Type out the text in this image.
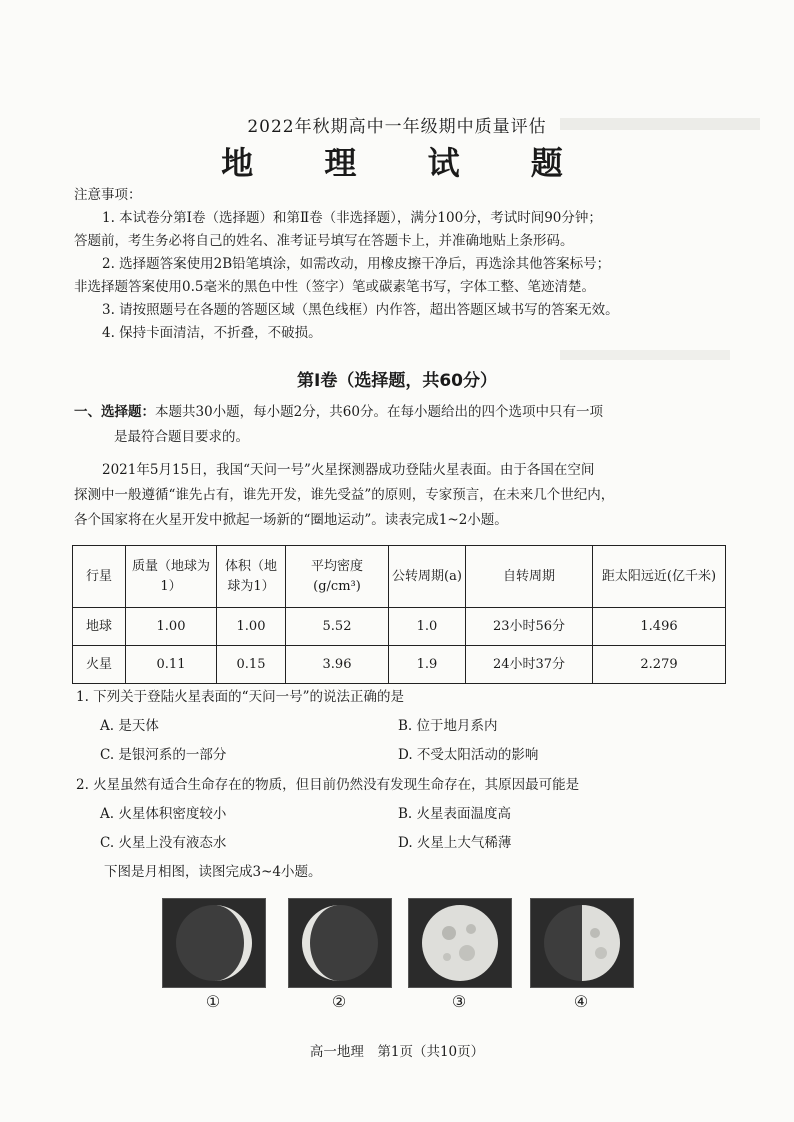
2022年秋期高中一年级期中质量评估
地 理 试 题

注意事项：

1. 本试卷分第Ⅰ卷（选择题）和第Ⅱ卷（非选择题），满分100分，考试时间90分钟；

答题前，考生务必将自己的姓名、准考证号填写在答题卡上，并准确地贴上条形码。

2. 选择题答案使用2B铅笔填涂，如需改动，用橡皮擦干净后，再选涂其他答案标号；

非选择题答案使用0.5毫米的黑色中性（签字）笔或碳素笔书写，字体工整、笔迹清楚。

3. 请按照题号在各题的答题区域（黑色线框）内作答，超出答题区域书写的答案无效。

4. 保持卡面清洁，不折叠，不破损。

第Ⅰ卷（选择题，共60分）

一、选择题：本题共30小题，每小题2分，共60分。在每小题给出的四个选项中只有一项

是最符合题目要求的。

2021年5月15日，我国“天问一号”火星探测器成功登陆火星表面。由于各国在空间

探测中一般遵循“谁先占有，谁先开发，谁先受益”的原则，专家预言，在未来几个世纪内，

各个国家将在火星开发中掀起一场新的“圈地运动”。读表完成1~2小题。

行星	质量（地球为1）	体积（地球为1）	平均密度(g/cm³)	公转周期(a)	自转周期	距太阳远近(亿千米)
地球	1.00	1.00	5.52	1.0	23小时56分	1.496
火星	0.11	0.15	3.96	1.9	24小时37分	2.279
1. 下列关于登陆火星表面的“天问一号”的说法正确的是
A. 是天体	B. 位于地月系内
C. 是银河系的一部分	D. 不受太阳活动的影响
2. 火星虽然有适合生命存在的物质，但目前仍然没有发现生命存在，其原因最可能是
A. 火星体积密度较小	B. 火星表面温度高
C. 火星上没有液态水	D. 火星上大气稀薄
下图是月相图，读图完成3~4小题。
①	②	③	④
高一地理　第1页（共10页）
